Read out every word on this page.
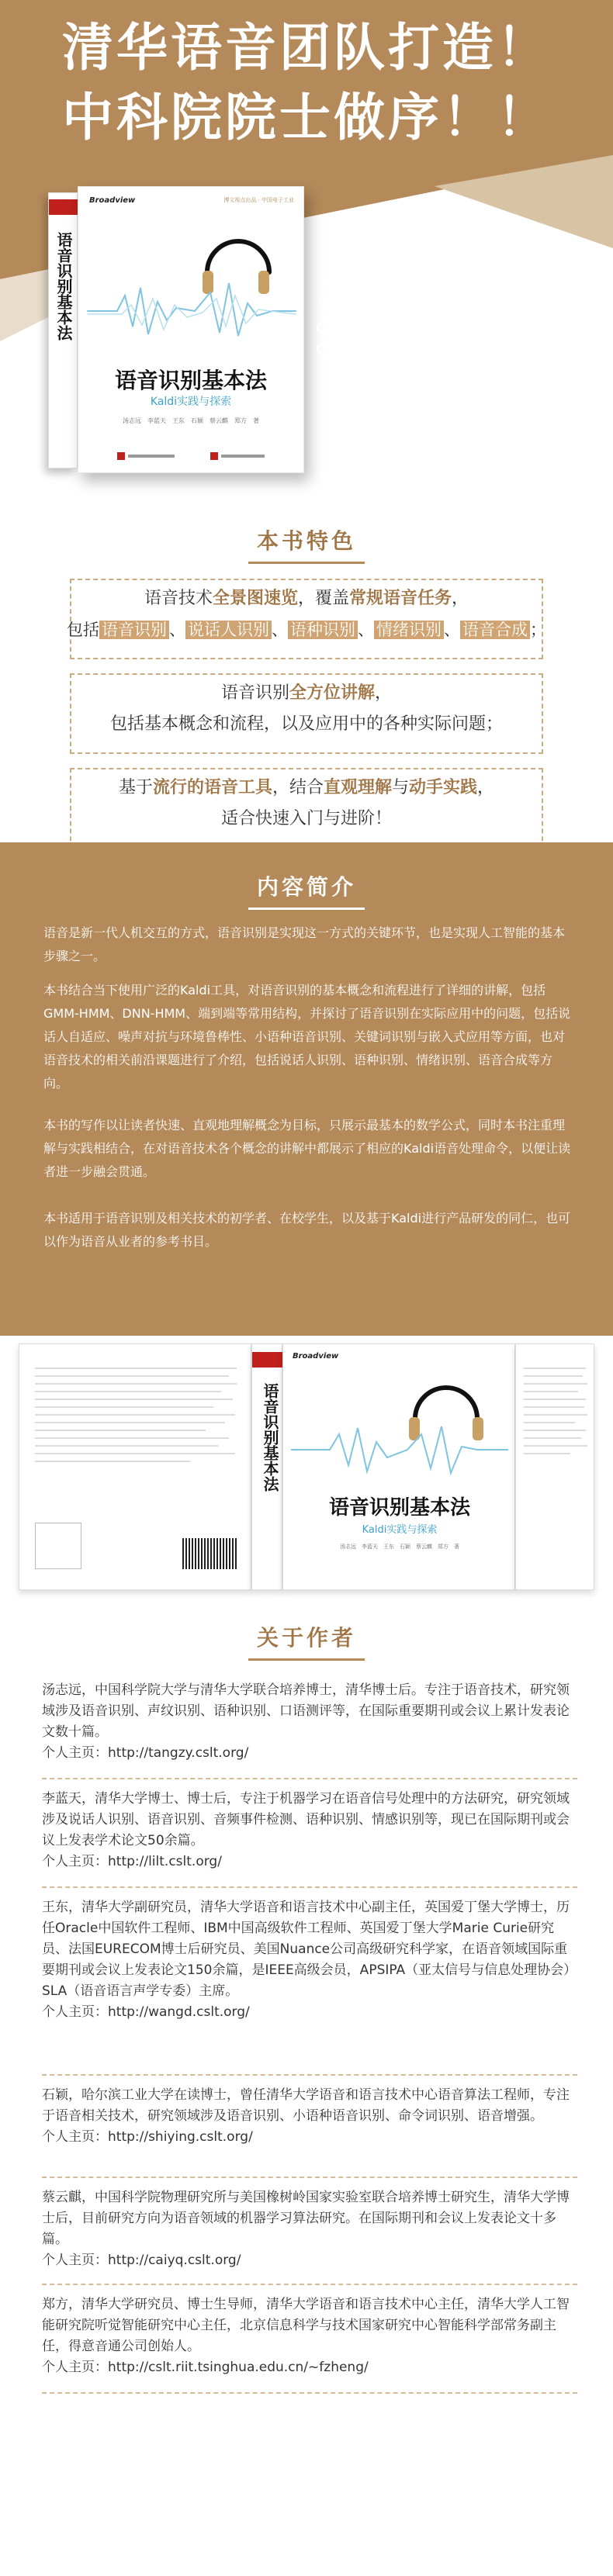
清华语音团队打造！
中科院院士做序！！
语音识别基本法
Broadview	博文视点出品 · 中国电子工业
语音识别基本法
Kaldi实践与探索
汤志远　李蓝天　王东　石颖　蔡云麒　郑方　著
关注“博文视点Broadview”
公众号，回复 40478
获取博文视点学院20元优惠券
加入本书读者交流群，作者在
这里等你,更多新惊喜正在路上
本书特色
语音技术全景图速览，覆盖常规语音任务，
包括 语音识别 、 说话人识别 、 语种识别 、 情绪识别 、 语音合成 ；
语音识别全方位讲解，
包括基本概念和流程，以及应用中的各种实际问题；
基于流行的语音工具，结合直观理解与动手实践，
适合快速入门与进阶！
内容简介

语音是新一代人机交互的方式，语音识别是实现这一方式的关键环节，也是实现人工智能的基本步骤之一。

本书结合当下使用广泛的Kaldi工具，对语音识别的基本概念和流程进行了详细的讲解，包括GMM-HMM、DNN-HMM、端到端等常用结构，并探讨了语音识别在实际应用中的问题，包括说话人自适应、噪声对抗与环境鲁棒性、小语种语音识别、关键词识别与嵌入式应用等方面，也对语音技术的相关前沿课题进行了介绍，包括说话人识别、语种识别、情绪识别、语音合成等方向。

本书的写作以让读者快速、直观地理解概念为目标，只展示最基本的数学公式，同时本书注重理解与实践相结合，在对语音技术各个概念的讲解中都展示了相应的Kaldi语音处理命令，以便让读者进一步融会贯通。

本书适用于语音识别及相关技术的初学者、在校学生，以及基于Kaldi进行产品研发的同仁，也可以作为语音从业者的参考书目。

语音识别基本法
Broadview
语音识别基本法
Kaldi实践与探索
汤志远　李蓝天　王东　石颖　蔡云麒　郑方　著
关于作者
汤志远，中国科学院大学与清华大学联合培养博士，清华博士后。专注于语音技术，研究领域涉及语音识别、声纹识别、语种识别、口语测评等，在国际重要期刊或会议上累计发表论文数十篇。
个人主页：http://tangzy.cslt.org/
李蓝天，清华大学博士、博士后，专注于机器学习在语音信号处理中的方法研究，研究领域涉及说话人识别、语音识别、音频事件检测、语种识别、情感识别等，现已在国际期刊或会议上发表学术论文50余篇。
个人主页：http://lilt.cslt.org/
王东，清华大学副研究员，清华大学语音和语言技术中心副主任，英国爱丁堡大学博士，历任Oracle中国软件工程师、IBM中国高级软件工程师、英国爱丁堡大学Marie Curie研究员、法国EURECOM博士后研究员、美国Nuance公司高级研究科学家，在语音领域国际重要期刊或会议上发表论文150余篇，是IEEE高级会员，APSIPA（亚太信号与信息处理协会）SLA（语音语言声学专委）主席。
个人主页：http://wangd.cslt.org/
石颖，哈尔滨工业大学在读博士，曾任清华大学语音和语言技术中心语音算法工程师，专注于语音相关技术，研究领域涉及语音识别、小语种语音识别、命令词识别、语音增强。
个人主页：http://shiying.cslt.org/
蔡云麒，中国科学院物理研究所与美国橡树岭国家实验室联合培养博士研究生，清华大学博士后，目前研究方向为语音领域的机器学习算法研究。在国际期刊和会议上发表论文十多篇。
个人主页：http://caiyq.cslt.org/
郑方，清华大学研究员、博士生导师，清华大学语音和语言技术中心主任，清华大学人工智能研究院听觉智能研究中心主任，北京信息科学与技术国家研究中心智能科学部常务副主任，得意音通公司创始人。
个人主页：http://cslt.riit.tsinghua.edu.cn/~fzheng/
